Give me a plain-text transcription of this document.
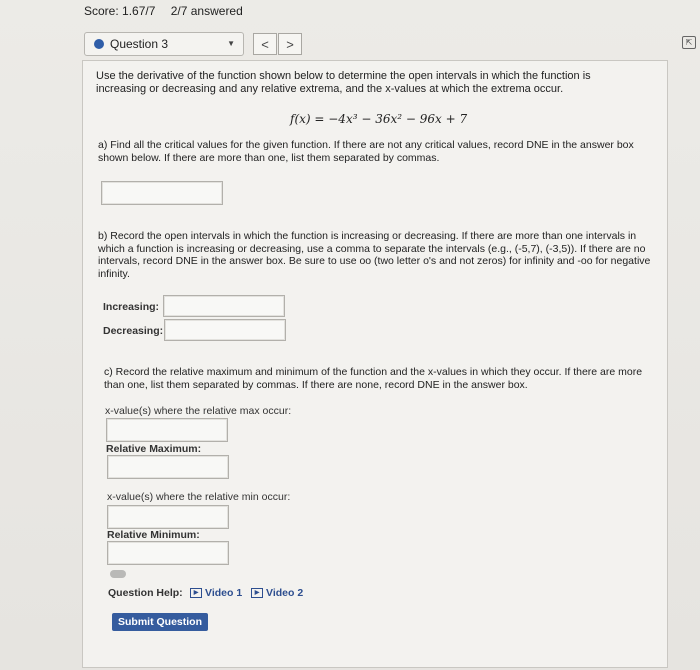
Score: 1.67/7 2/7 answered
Question 3	▼ < >	⇱
Use the derivative of the function shown below to determine the open intervals in which the function is increasing or decreasing and any relative extrema, and the x-values at which the extrema occur.
f(x) = −4x³ − 36x² − 96x + 7
a) Find all the critical values for the given function. If there are not any critical values, record DNE in the answer box shown below. If there are more than one, list them separated by commas.
b) Record the open intervals in which the function is increasing or decreasing. If there are more than one intervals in which a function is increasing or decreasing, use a comma to separate the intervals (e.g., (-5,7), (-3,5)). If there are no intervals, record DNE in the answer box. Be sure to use oo (two letter o's and not zeros) for infinity and -oo for negative infinity.
Increasing:
Decreasing:
c) Record the relative maximum and minimum of the function and the x-values in which they occur. If there are more than one, list them separated by commas. If there are none, record DNE in the answer box.
x-value(s) where the relative max occur:
Relative Maximum:
x-value(s) where the relative min occur:
Relative Minimum:
Question Help:	▶ Video 1	▶ Video 2
Submit Question
